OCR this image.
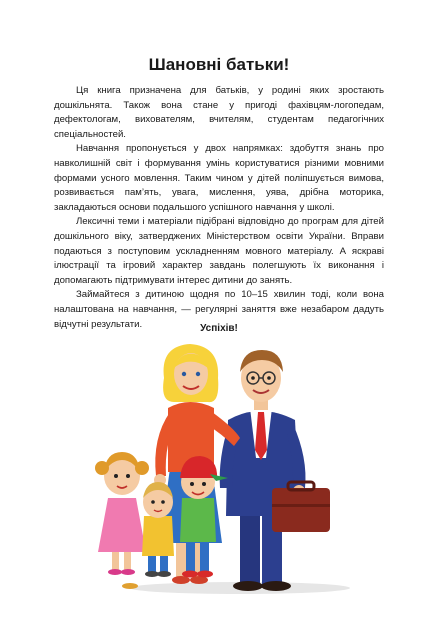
Шановні батьки!

Ця книга призначена для батьків, у родині яких зростають дошкільнята. Також вона стане у пригоді фахівцям-логопедам, дефектологам, вихователям, вчителям, студентам педагогічних спеціальностей.

Навчання пропонується у двох напрямках: здобуття знань про навколишній світ і формування умінь користуватися різними мовними формами усного мовлення. Таким чином у дітей поліпшується вимова, розвивається пам’ять, увага, мислення, уява, дрібна моторика, закладаються основи подальшого успішного навчання у школі.

Лексичні теми і матеріали підібрані відповідно до програм для дітей дошкільного віку, затверджених Міністерством освіти України. Вправи подаються з поступовим ускладненням мовного матеріалу. А яскраві ілюстрації та ігровий характер завдань полегшують їх виконання і допомагають підтримувати інтерес дитини до занять.

Займайтеся з дитиною щодня по 10–15 хвилин тоді, коли вона налаштована на навчання, — регулярні заняття вже незабаром дадуть відчутні результати.	Успіхів!
